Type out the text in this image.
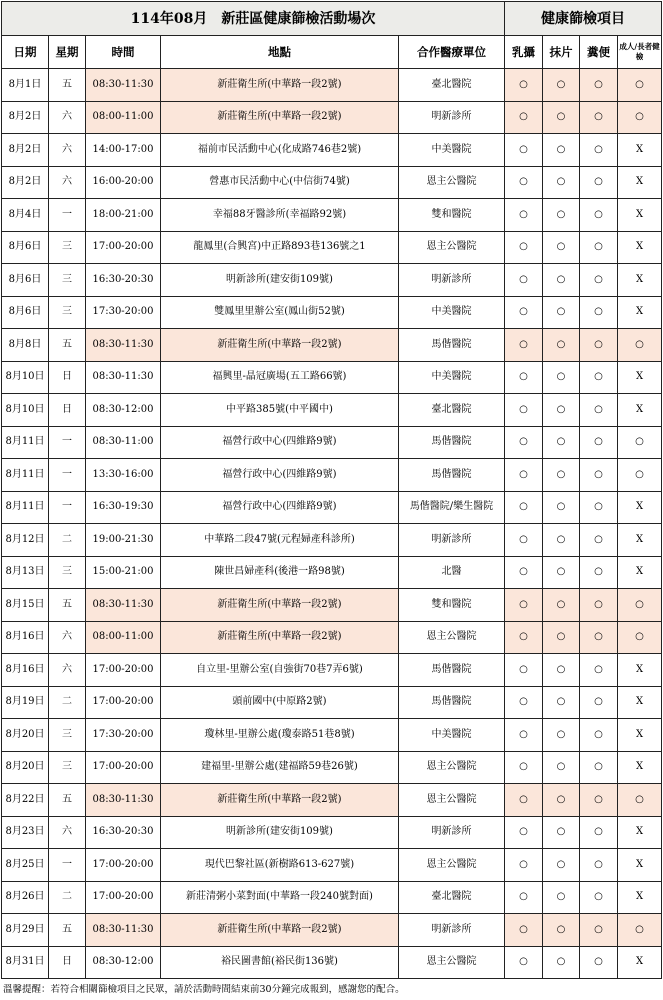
114年08月　新莊區健康篩檢活動場次					健康篩檢項目			
日期	星期	時間	地點	合作醫療單位	乳攝	抹片	糞便	成人/長者健檢
8月1日	五	08:30-11:30	新莊衛生所(中華路一段2號)	臺北醫院	○	○	○	○
8月2日	六	08:00-11:00	新莊衛生所(中華路一段2號)	明新診所	○	○	○	○
8月2日	六	14:00-17:00	福前市民活動中心(化成路746巷2號)	中美醫院	○	○	○	X
8月2日	六	16:00-20:00	營惠市民活動中心(中信街74號)	恩主公醫院	○	○	○	X
8月4日	一	18:00-21:00	幸福88牙醫診所(幸福路92號)	雙和醫院	○	○	○	X
8月6日	三	17:00-20:00	龍鳳里(合興宮)中正路893巷136號之1	恩主公醫院	○	○	○	X
8月6日	三	16:30-20:30	明新診所(建安街109號)	明新診所	○	○	○	X
8月6日	三	17:30-20:00	雙鳳里里辦公室(鳳山街52號)	中美醫院	○	○	○	X
8月8日	五	08:30-11:30	新莊衛生所(中華路一段2號)	馬偕醫院	○	○	○	○
8月10日	日	08:30-11:30	福興里-晶冠廣場(五工路66號)	中美醫院	○	○	○	X
8月10日	日	08:30-12:00	中平路385號(中平國中)	臺北醫院	○	○	○	X
8月11日	一	08:30-11:00	福營行政中心(四維路9號)	馬偕醫院	○	○	○	○
8月11日	一	13:30-16:00	福營行政中心(四維路9號)	馬偕醫院	○	○	○	○
8月11日	一	16:30-19:30	福營行政中心(四維路9號)	馬偕醫院/樂生醫院	○	○	○	X
8月12日	二	19:00-21:30	中華路二段47號(元程婦產科診所)	明新診所	○	○	○	X
8月13日	三	15:00-21:00	陳世昌婦產科(後港一路98號)	北醫	○	○	○	X
8月15日	五	08:30-11:30	新莊衛生所(中華路一段2號)	雙和醫院	○	○	○	○
8月16日	六	08:00-11:00	新莊衛生所(中華路一段2號)	恩主公醫院	○	○	○	○
8月16日	六	17:00-20:00	自立里-里辦公室(自強街70巷7弄6號)	馬偕醫院	○	○	○	X
8月19日	二	17:00-20:00	頭前國中(中原路2號)	馬偕醫院	○	○	○	X
8月20日	三	17:30-20:00	瓊林里-里辦公處(瓊泰路51巷8號)	中美醫院	○	○	○	X
8月20日	三	17:00-20:00	建福里-里辦公處(建福路59巷26號)	恩主公醫院	○	○	○	X
8月22日	五	08:30-11:30	新莊衛生所(中華路一段2號)	恩主公醫院	○	○	○	○
8月23日	六	16:30-20:30	明新診所(建安街109號)	明新診所	○	○	○	X
8月25日	一	17:00-20:00	現代巴黎社區(新樹路613-627號)	恩主公醫院	○	○	○	X
8月26日	二	17:00-20:00	新莊清粥小菜對面(中華路一段240號對面)	臺北醫院	○	○	○	X
8月29日	五	08:30-11:30	新莊衛生所(中華路一段2號)	明新診所	○	○	○	○
8月31日	日	08:30-12:00	裕民圖書館(裕民街136號)	恩主公醫院	○	○	○	X
溫馨提醒：若符合相關篩檢項目之民眾，請於活動時間結束前30分鐘完成報到，感謝您的配合。
